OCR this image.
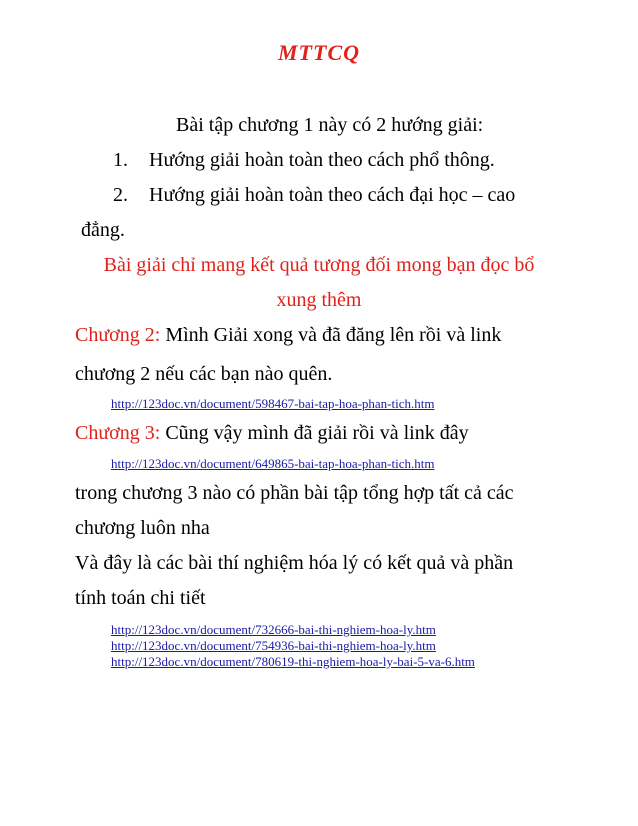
MTTCQ
Bài tập chương 1 này có 2 hướng giải:
1. Hướng giải hoàn toàn theo cách phổ thông.
2. Hướng giải hoàn toàn theo cách đại học – cao
đẳng.
Bài giải chỉ mang kết quả tương đối mong bạn đọc bổ
xung thêm
Chương 2: Mình Giải xong và đã đăng lên rồi và link
chương 2 nếu các bạn nào quên.
http://123doc.vn/document/598467-bai-tap-hoa-phan-tich.htm
Chương 3: Cũng vậy mình đã giải rồi và link đây
http://123doc.vn/document/649865-bai-tap-hoa-phan-tich.htm
trong chương 3 nào có phần bài tập tổng hợp tất cả các
chương luôn nha
Và đây là các bài thí nghiệm hóa lý có kết quả và phần
tính toán chi tiết
http://123doc.vn/document/732666-bai-thi-nghiem-hoa-ly.htm
http://123doc.vn/document/754936-bai-thi-nghiem-hoa-ly.htm
http://123doc.vn/document/780619-thi-nghiem-hoa-ly-bai-5-va-6.htm
